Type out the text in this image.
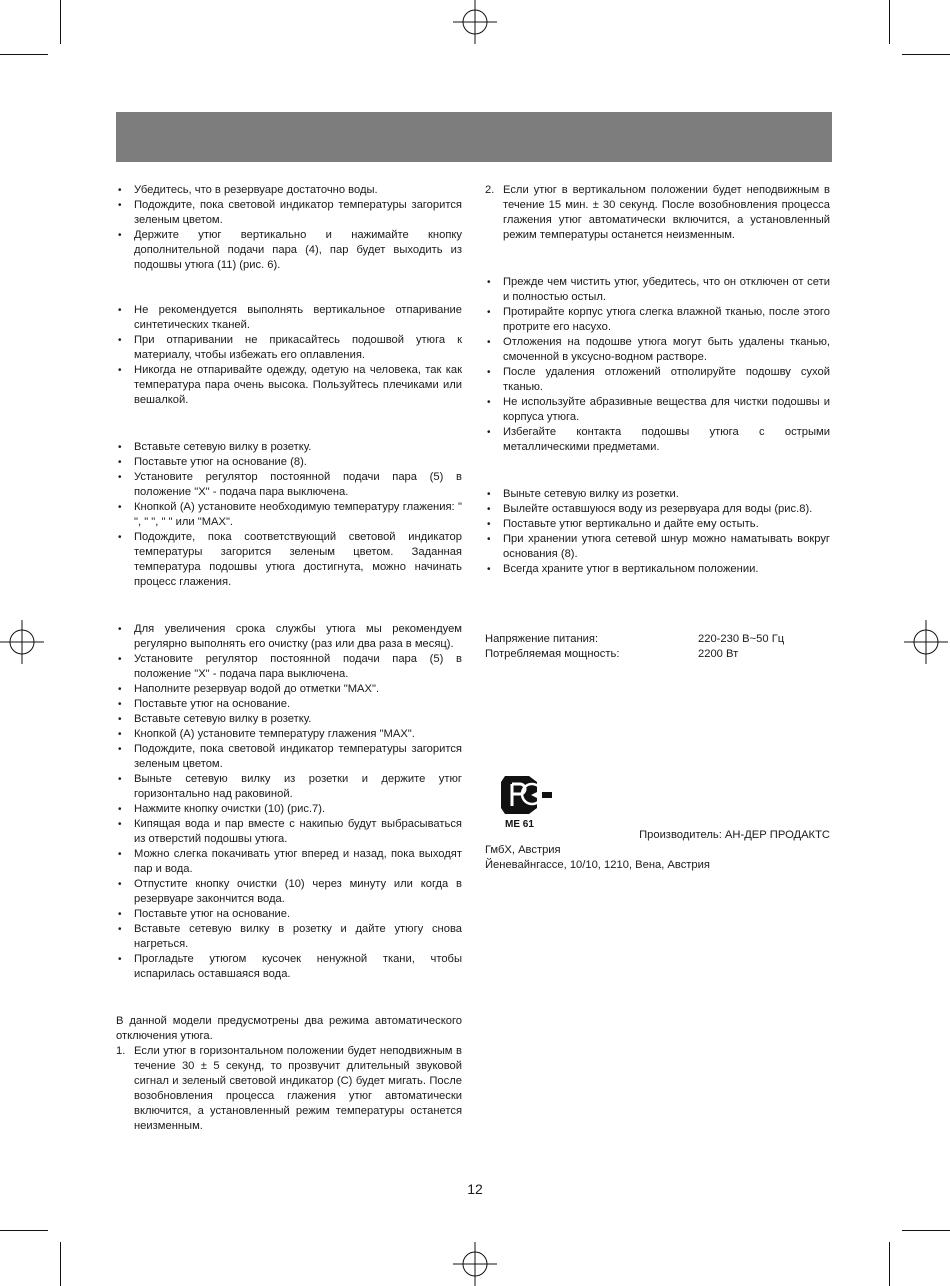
• Убедитесь, что в резервуаре достаточно воды.
• Подождите, пока световой индикатор температуры загорится зеленым цветом.
• Держите утюг вертикально и нажимайте кнопку дополнительной подачи пара (4), пар будет выходить из подошвы утюга (11) (рис. 6).
• Не рекомендуется выполнять вертикальное отпаривание синтетических тканей.
• При отпаривании не прикасайтесь подошвой утюга к материалу, чтобы избежать его оплавления.
• Никогда не отпаривайте одежду, одетую на человека, так как температура пара очень высока. Пользуйтесь плечиками или вешалкой.
• Вставьте сетевую вилку в розетку.
• Поставьте утюг на основание (8).
• Установите регулятор постоянной подачи пара (5) в положение "X" - подача пара выключена.
• Кнопкой (А) установите необходимую температуру глажения: " ", " ", " " или "MAX".
• Подождите, пока соответствующий световой индикатор температуры загорится зеленым цветом. Заданная температура подошвы утюга достигнута, можно начинать процесс глажения.
• Для увеличения срока службы утюга мы рекомендуем регулярно выполнять его очистку (раз или два раза в месяц).
• Установите регулятор постоянной подачи пара (5) в положение "X" - подача пара выключена.
• Наполните резервуар водой до отметки "MAX".
• Поставьте утюг на основание.
• Вставьте сетевую вилку в розетку.
• Кнопкой (А) установите температуру глажения "MAX".
• Подождите, пока световой индикатор температуры загорится зеленым цветом.
• Выньте сетевую вилку из розетки и держите утюг горизонтально над раковиной.
• Нажмите кнопку очистки (10) (рис.7).
• Кипящая вода и пар вместе с накипью будут выбрасываться из отверстий подошвы утюга.
• Можно слегка покачивать утюг вперед и назад, пока выходят пар и вода.
• Отпустите кнопку очистки (10) через минуту или когда в резервуаре закончится вода.
• Поставьте утюг на основание.
• Вставьте сетевую вилку в розетку и дайте утюгу снова нагреться.
• Прогладьте утюгом кусочек ненужной ткани, чтобы испарилась оставшаяся вода.

В данной модели предусмотрены два режима автоматического отключения утюга.

1. Если утюг в горизонтальном положении будет неподвижным в течение 30 ± 5 секунд, то прозвучит длительный звуковой сигнал и зеленый световой индикатор (С) будет мигать. После возобновления процесса глажения утюг автоматически включится, а установленный режим температуры останется неизменным.
2. Если утюг в вертикальном положении будет неподвижным в течение 15 мин. ± 30 секунд. После возобновления процесса глажения утюг автоматически включится, а установленный режим температуры останется неизменным.
• Прежде чем чистить утюг, убедитесь, что он отключен от сети и полностью остыл.
• Протирайте корпус утюга слегка влажной тканью, после этого протрите его насухо.
• Отложения на подошве утюга могут быть удалены тканью, смоченной в уксусно-водном растворе.
• После удаления отложений отполируйте подошву сухой тканью.
• Не используйте абразивные вещества для чистки подошвы и корпуса утюга.
• Избегайте контакта подошвы утюга с острыми металлическими предметами.
• Выньте сетевую вилку из розетки.
• Вылейте оставшуюся воду из резервуара для воды (рис.8).
• Поставьте утюг вертикально и дайте ему остыть.
• При хранении утюга сетевой шнур можно наматывать вокруг основания (8).
• Всегда храните утюг в вертикальном положении.
Напряжение питания:	220-230 В~50 Гц
Потребляемая мощность:	2200 Вт
ME 61
Производитель: АН-ДЕР ПРОДАКТС
ГмбХ, Австрия
Йеневайнгассе, 10/10, 1210, Вена, Австрия
12
